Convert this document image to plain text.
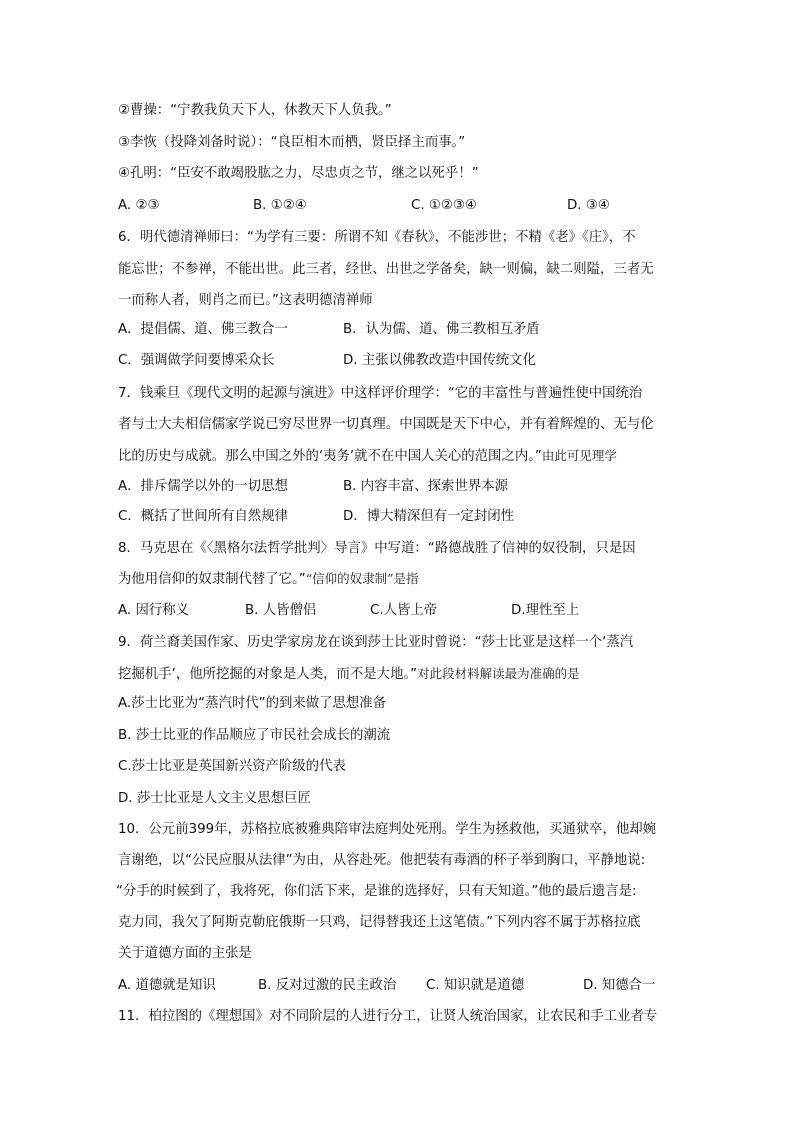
②曹操：“宁教我负天下人，休教天下人负我。”
③李恢（投降刘备时说）：“良臣相木而栖，贤臣择主而事。”
④孔明：“臣安不敢竭股肱之力，尽忠贞之节，继之以死乎！”
A. ②③	B. ①②④	C. ①②③④	D. ③④
6．明代德清禅师曰：“为学有三要：所谓不知《春秋》，不能涉世；不精《老》《庄》，不
能忘世；不参禅，不能出世。此三者，经世、出世之学备矣，缺一则偏，缺二则隘，三者无
一而称人者，则肖之而已。”这表明德清禅师
A．提倡儒、道、佛三教合一	B．认为儒、道、佛三教相互矛盾
C．强调做学问要博采众长	D. 主张以佛教改造中国传统文化
7．钱乘旦《现代文明的起源与演进》中这样评价理学：“它的丰富性与普遍性使中国统治
者与士大夫相信儒家学说已穷尽世界一切真理。中国既是天下中心，并有着辉煌的、无与伦
比的历史与成就。那么中国之外的‘夷务’就不在中国人关心的范围之内。”由此可见理学
A．排斥儒学以外的一切思想	B. 内容丰富、探索世界本源
C．概括了世间所有自然规律	D．博大精深但有一定封闭性
8．马克思在《〈黑格尔法哲学批判〉导言》中写道：“路德战胜了信神的奴役制，只是因
为他用信仰的奴隶制代替了它。”“信仰的奴隶制”是指
A. 因行称义	B. 人皆僧侣	C.人皆上帝	D.理性至上
9．荷兰裔美国作家、历史学家房龙在谈到莎士比亚时曾说：“莎士比亚是这样一个‘蒸汽
挖掘机手’，他所挖掘的对象是人类，而不是大地。”对此段材料解读最为准确的是
A.莎士比亚为“蒸汽时代”的到来做了思想准备
B. 莎士比亚的作品顺应了市民社会成长的潮流
C.莎士比亚是英国新兴资产阶级的代表
D. 莎士比亚是人文主义思想巨匠
10．公元前399年，苏格拉底被雅典陪审法庭判处死刑。学生为拯救他，买通狱卒，他却婉
言谢绝，以“公民应服从法律”为由，从容赴死。他把装有毒酒的杯子举到胸口，平静地说:
“分手的时候到了，我将死，你们活下来，是谁的选择好，只有天知道。”他的最后遗言是:
克力同，我欠了阿斯克勒庇俄斯一只鸡，记得替我还上这笔债。”下列内容不属于苏格拉底
关于道德方面的主张是
A. 道德就是知识	B. 反对过激的民主政治 C. 知识就是道德	D. 知德合一
11．柏拉图的《理想国》对不同阶层的人进行分工，让贤人统治国家，让农民和手工业者专
